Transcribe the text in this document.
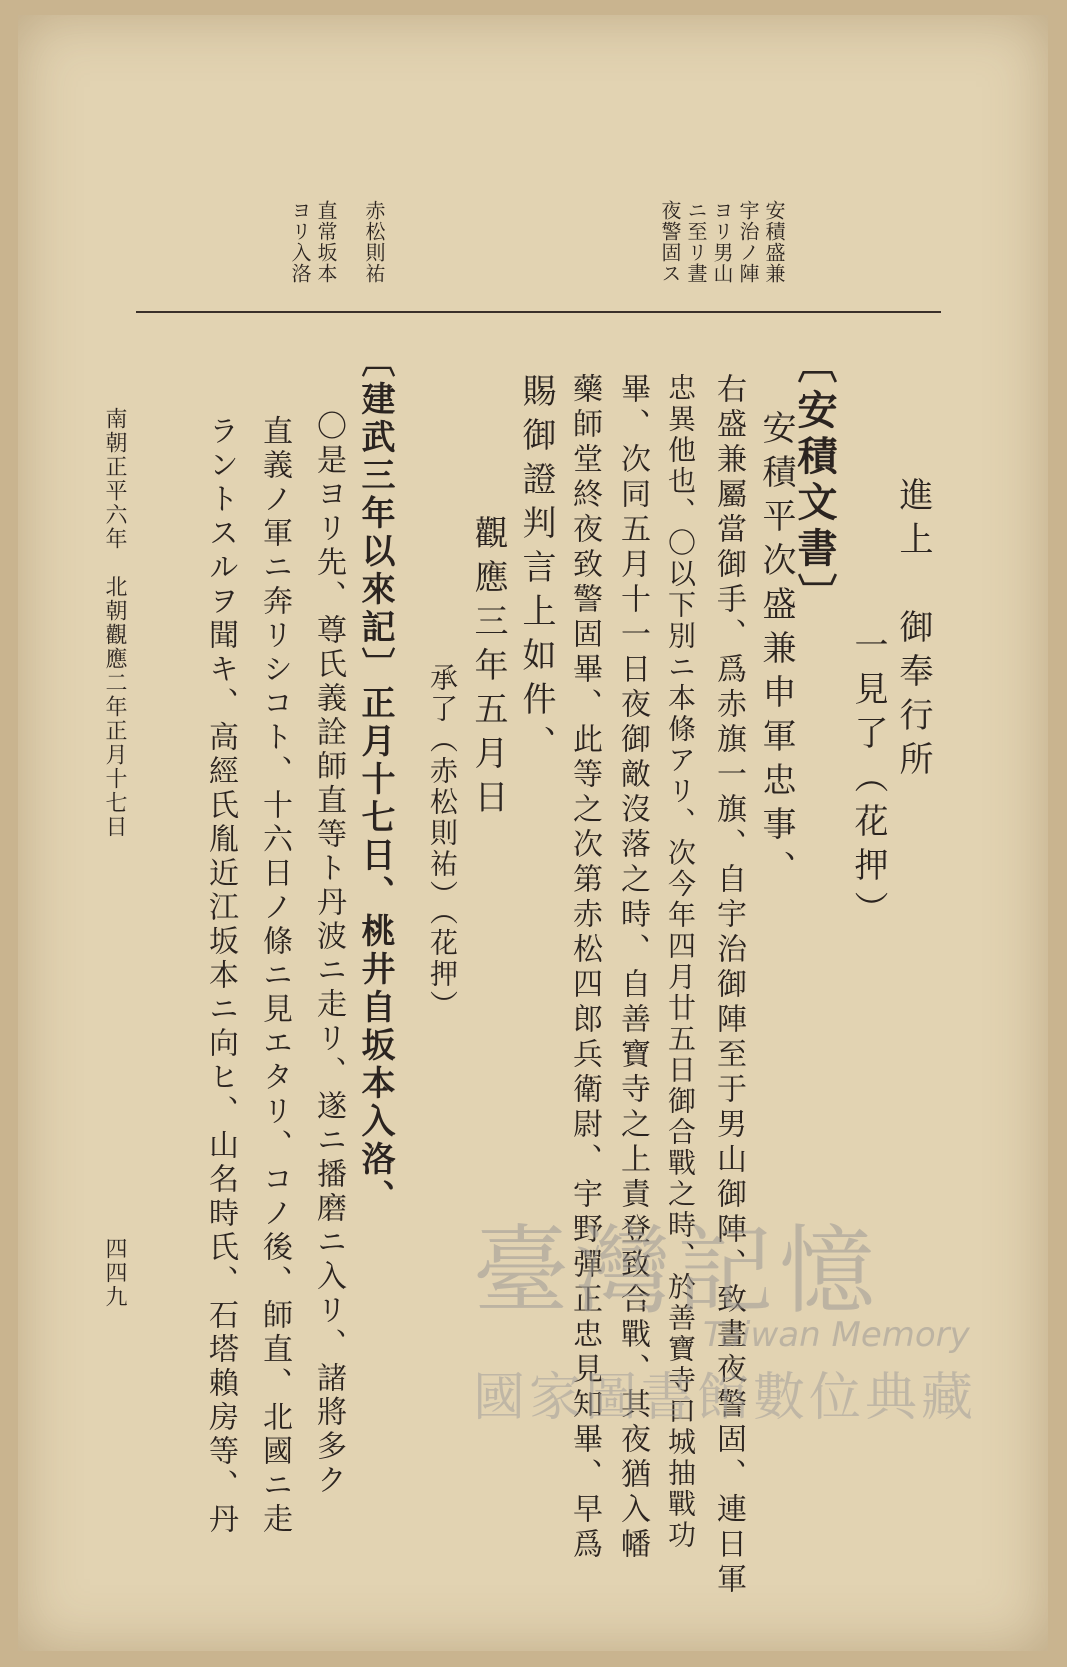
安積盛兼
宇治ノ陣
ヨリ男山
ニ至リ晝
夜警固ス
赤松則祐
直常坂本
ヨリ入洛
進上　御奉行所
一見了（花押）
〔安積文書〕
安積平次盛兼申軍忠事、
右盛兼屬當御手、爲赤旗一旗、自宇治御陣至于男山御陣、致晝夜警固、連日軍
忠異他也、〇以下別ニ本條アリ、次今年四月廿五日御合戰之時、於善寶寺口城抽戰功
畢、次同五月十一日夜御敵沒落之時、自善寶寺之上責登致合戰、其夜猶入幡
藥師堂終夜致警固畢、此等之次第赤松四郎兵衛尉、宇野彈正忠見知畢、早爲
賜御證判言上如件、
觀應三年五月日
承了（赤松則祐）（花押）
〔建武三年以來記〕正月十七日、桃井自坂本入洛、
〇是ヨリ先、尊氏義詮師直等ト丹波ニ走リ、遂ニ播磨ニ入リ、諸將多ク
直義ノ軍ニ奔リシコト、十六日ノ條ニ見エタリ、コノ後、師直、北國ニ走
ラントスルヲ聞キ、高經氏胤近江坂本ニ向ヒ、山名時氏、石塔賴房等、丹
南朝正平六年　北朝觀應二年正月十七日
四四九	臺灣記憶
Taiwan Memory
國家圖書館數位典藏
